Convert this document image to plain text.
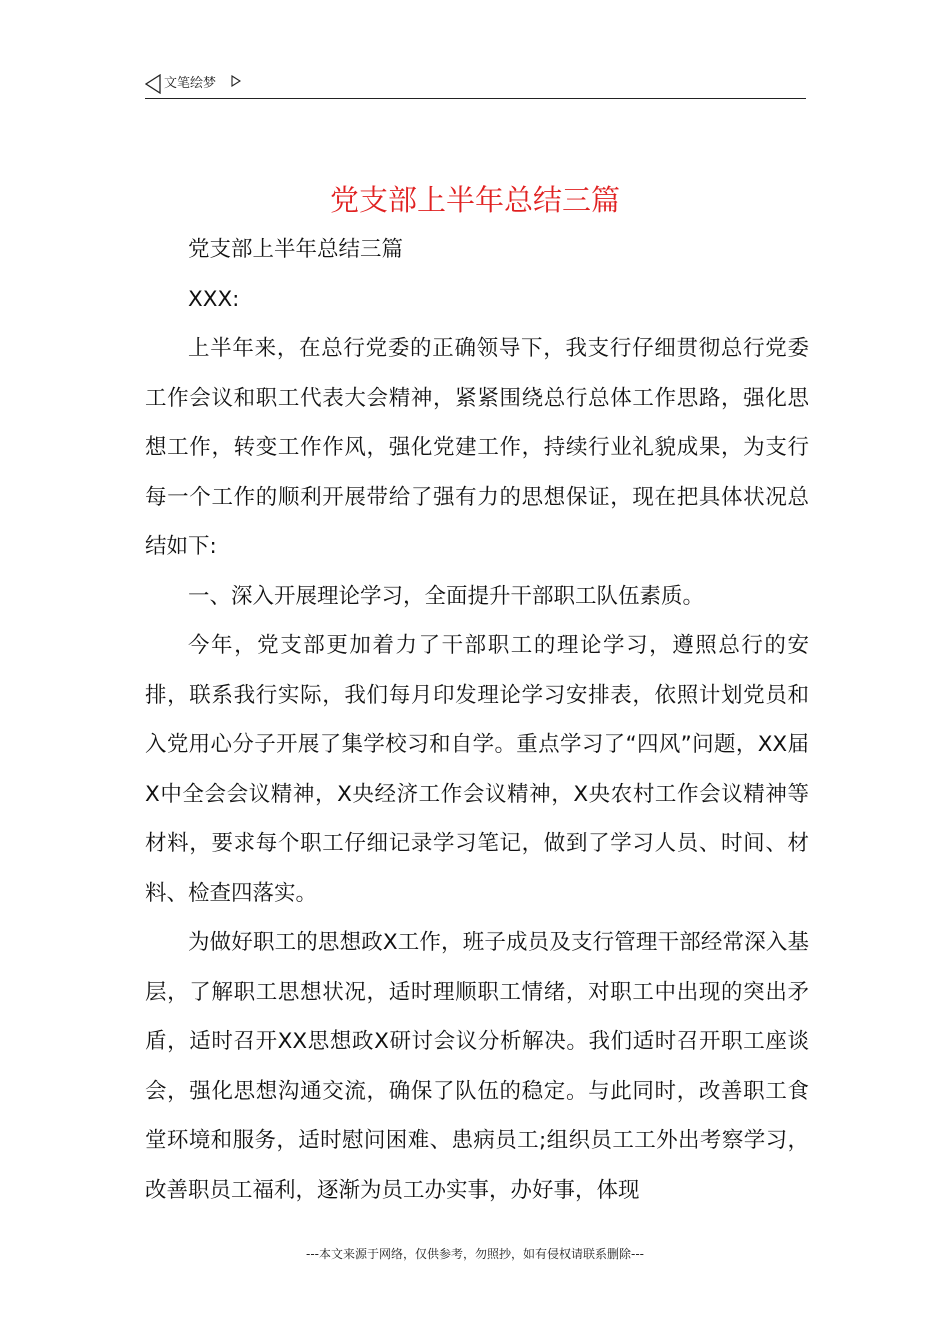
文笔绘梦
党支部上半年总结三篇

党支部上半年总结三篇

XXX:

上半年来，在总行党委的正确领导下，我支行仔细贯彻总行党委工作会议和职工代表大会精神，紧紧围绕总行总体工作思路，强化思想工作，转变工作作风，强化党建工作，持续行业礼貌成果，为支行每一个工作的顺利开展带给了强有力的思想保证，现在把具体状况总结如下:

一、深入开展理论学习，全面提升干部职工队伍素质。

今年，党支部更加着力了干部职工的理论学习，遵照总行的安排，联系我行实际，我们每月印发理论学习安排表，依照计划党员和入党用心分子开展了集学校习和自学。重点学习了“四风”问题，XX届X中全会会议精神，X央经济工作会议精神，X央农村工作会议精神等材料，要求每个职工仔细记录学习笔记，做到了学习人员、时间、材料、检查四落实。

为做好职工的思想政X工作，班子成员及支行管理干部经常深入基层，了解职工思想状况，适时理顺职工情绪，对职工中出现的突出矛盾，适时召开XX思想政X研讨会议分析解决。我们适时召开职工座谈会，强化思想沟通交流，确保了队伍的稳定。与此同时，改善职工食堂环境和服务，适时慰问困难、患病员工;组织员工工外出考察学习，改善职员工福利，逐渐为员工办实事，办好事，体现

---本文来源于网络，仅供参考，勿照抄，如有侵权请联系删除---
